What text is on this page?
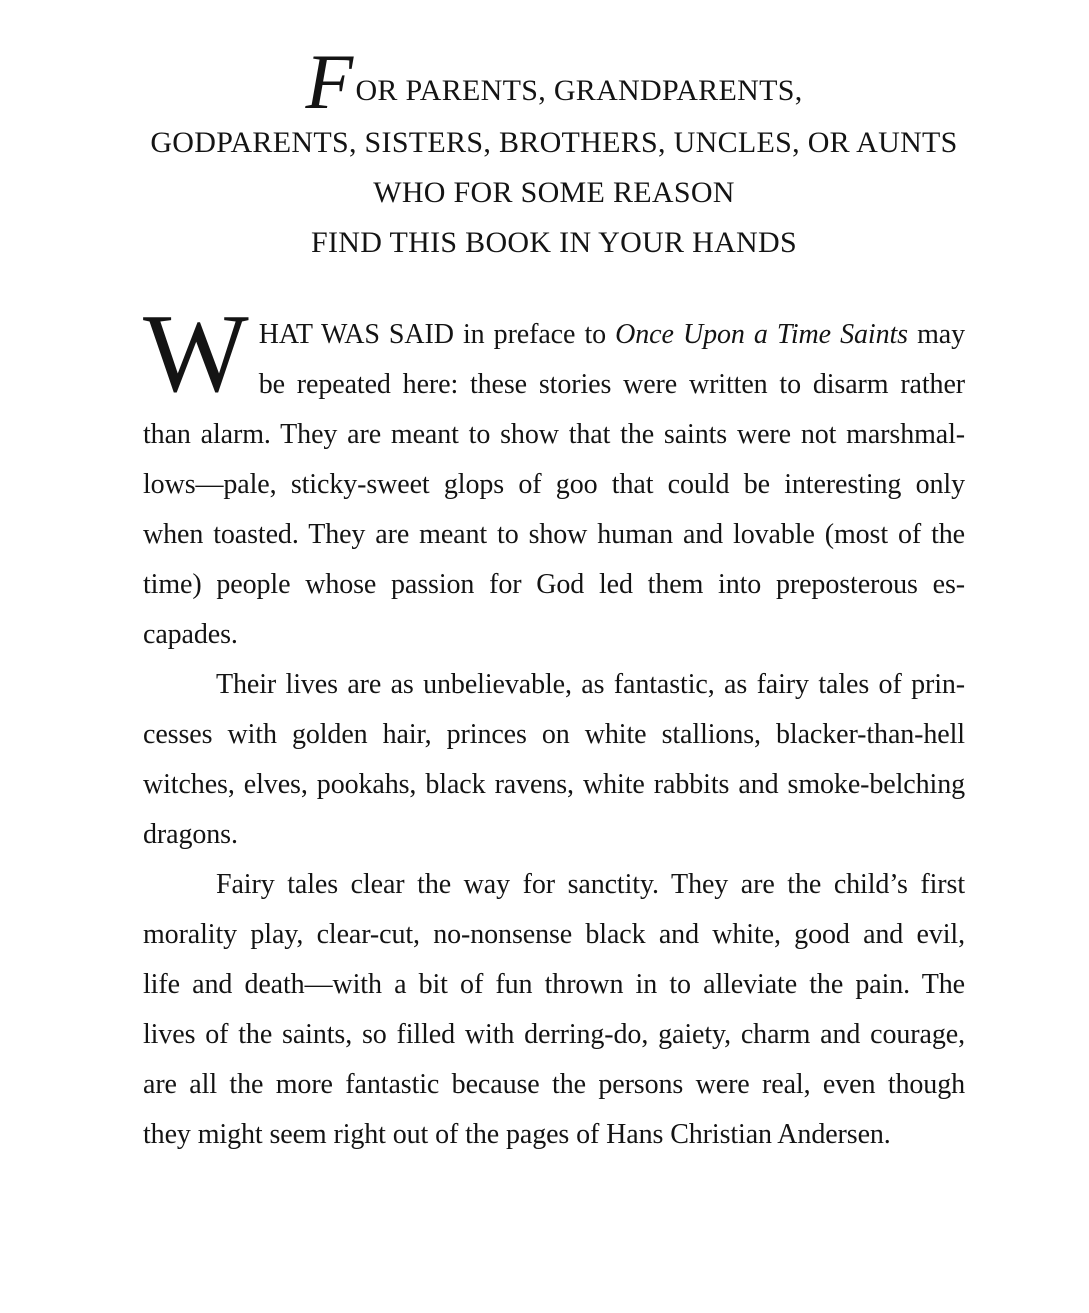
FOR PARENTS, GRANDPARENTS,
GODPARENTS, SISTERS, BROTHERS, UNCLES, OR AUNTS
WHO FOR SOME REASON
FIND THIS BOOK IN YOUR HANDS
W HAT WAS SAID in preface to Once Upon a Time Saints may
be repeated here: these stories were written to disarm rather
than alarm. They are meant to show that the saints were not marshmal-
lows—pale, sticky-sweet glops of goo that could be interesting only
when toasted. They are meant to show human and lovable (most of the
time) people whose passion for God led them into preposterous es-
capades.
Their lives are as unbelievable, as fantastic, as fairy tales of prin-
cesses with golden hair, princes on white stallions, blacker-than-hell
witches, elves, pookahs, black ravens, white rabbits and smoke-belching
dragons.
Fairy tales clear the way for sanctity. They are the child’s first
morality play, clear-cut, no-nonsense black and white, good and evil,
life and death—with a bit of fun thrown in to alleviate the pain. The
lives of the saints, so filled with derring-do, gaiety, charm and courage,
are all the more fantastic because the persons were real, even though
they might seem right out of the pages of Hans Christian Andersen.
